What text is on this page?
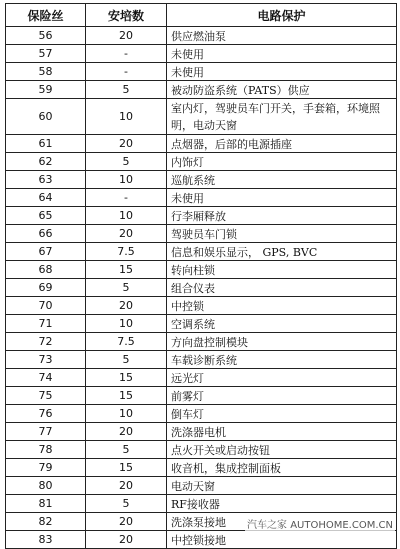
保险丝	安培数	电路保护
56	20	供应燃油泵
57	-	未使用
58	-	未使用
59	5	被动防盗系统（PATS）供应
60	10	室内灯，驾驶员车门开关，手套箱，环境照明，电动天窗
61	20	点烟器，后部的电源插座
62	5	内饰灯
63	10	巡航系统
64	-	未使用
65	10	行李厢释放
66	20	驾驶员车门锁
67	7.5	信息和娱乐显示， GPS, BVC
68	15	转向柱锁
69	5	组合仪表
70	20	中控锁
71	10	空调系统
72	7.5	方向盘控制模块
73	5	车载诊断系统
74	15	远光灯
75	15	前雾灯
76	10	倒车灯
77	20	洗涤器电机
78	5	点火开关或启动按钮
79	15	收音机，集成控制面板
80	20	电动天窗
81	5	RF接收器
82	20	洗涤泵接地
83	20	中控锁接地
汽车之家 AUTOHOME.COM.CN
